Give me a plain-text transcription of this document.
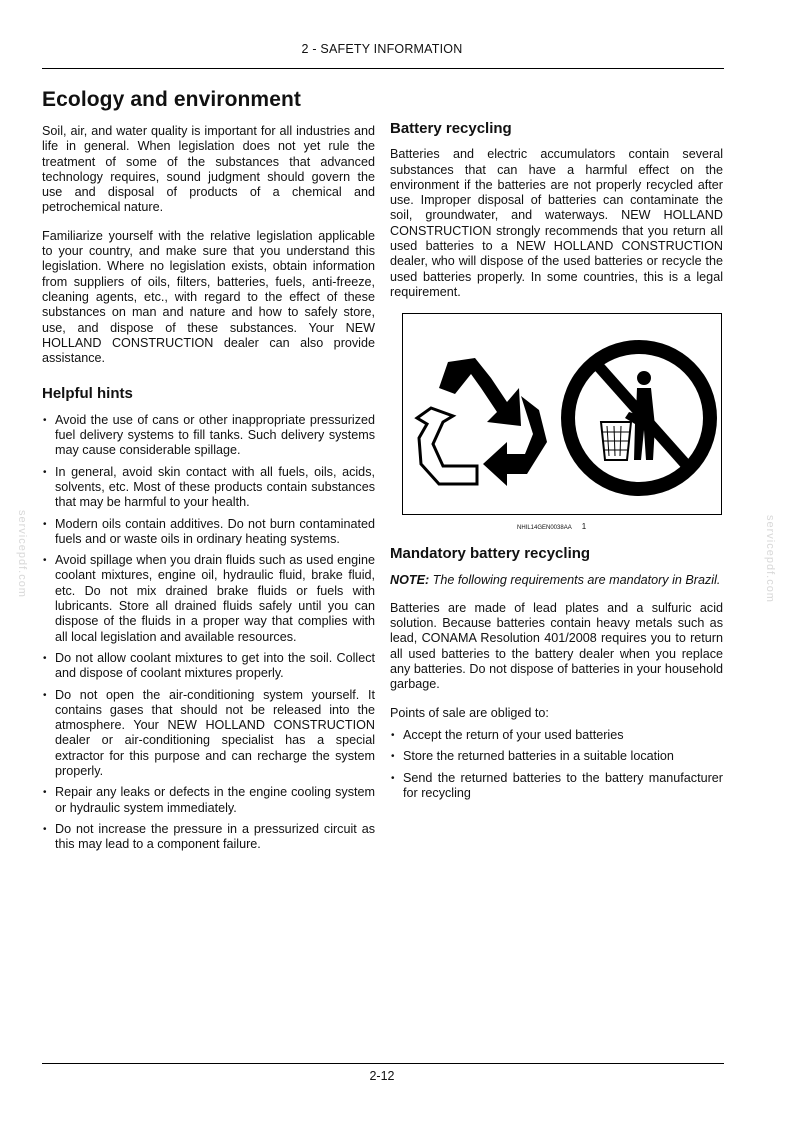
2 - SAFETY INFORMATION
Ecology and environment

Soil, air, and water quality is important for all industries and life in general. When legislation does not yet rule the treatment of some of the substances that advanced technology requires, sound judgment should govern the use and disposal of products of a chemical and petrochemical nature.

Familiarize yourself with the relative legislation applicable to your country, and make sure that you understand this legislation. Where no legislation exists, obtain information from suppliers of oils, filters, batteries, fuels, anti-freeze, cleaning agents, etc., with regard to the effect of these substances on man and nature and how to safely store, use, and dispose of these substances. Your NEW HOLLAND CONSTRUCTION dealer can also provide assistance.

Helpful hints
• Avoid the use of cans or other inappropriate pressurized fuel delivery systems to fill tanks. Such delivery systems may cause considerable spillage.
• In general, avoid skin contact with all fuels, oils, acids, solvents, etc. Most of these products contain substances that may be harmful to your health.
• Modern oils contain additives. Do not burn contaminated fuels and or waste oils in ordinary heating systems.
• Avoid spillage when you drain fluids such as used engine coolant mixtures, engine oil, hydraulic fluid, brake fluid, etc. Do not mix drained brake fluids or fuels with lubricants. Store all drained fluids safely until you can dispose of the fluids in a proper way that complies with all local legislation and available resources.
• Do not allow coolant mixtures to get into the soil. Collect and dispose of coolant mixtures properly.
• Do not open the air-conditioning system yourself. It contains gases that should not be released into the atmosphere. Your NEW HOLLAND CONSTRUCTION dealer or air-conditioning specialist has a special extractor for this purpose and can recharge the system properly.
• Repair any leaks or defects in the engine cooling system or hydraulic system immediately.
• Do not increase the pressure in a pressurized circuit as this may lead to a component failure.
Battery recycling

Batteries and electric accumulators contain several substances that can have a harmful effect on the environment if the batteries are not properly recycled after use. Improper disposal of batteries can contaminate the soil, groundwater, and waterways. NEW HOLLAND CONSTRUCTION strongly recommends that you return all used batteries to a NEW HOLLAND CONSTRUCTION dealer, who will dispose of the used batteries or recycle the used batteries properly. In some countries, this is a legal requirement.

NHIL14GEN0038AA 1
Mandatory battery recycling

NOTE: The following requirements are mandatory in Brazil.

Batteries are made of lead plates and a sulfuric acid solution. Because batteries contain heavy metals such as lead, CONAMA Resolution 401/2008 requires you to return all used batteries to the battery dealer when you replace any batteries. Do not dispose of batteries in your household garbage.

Points of sale are obliged to:

• Accept the return of your used batteries
• Store the returned batteries in a suitable location
• Send the returned batteries to the battery manufacturer for recycling
servicepdf.com	servicepdf.com
2-12
